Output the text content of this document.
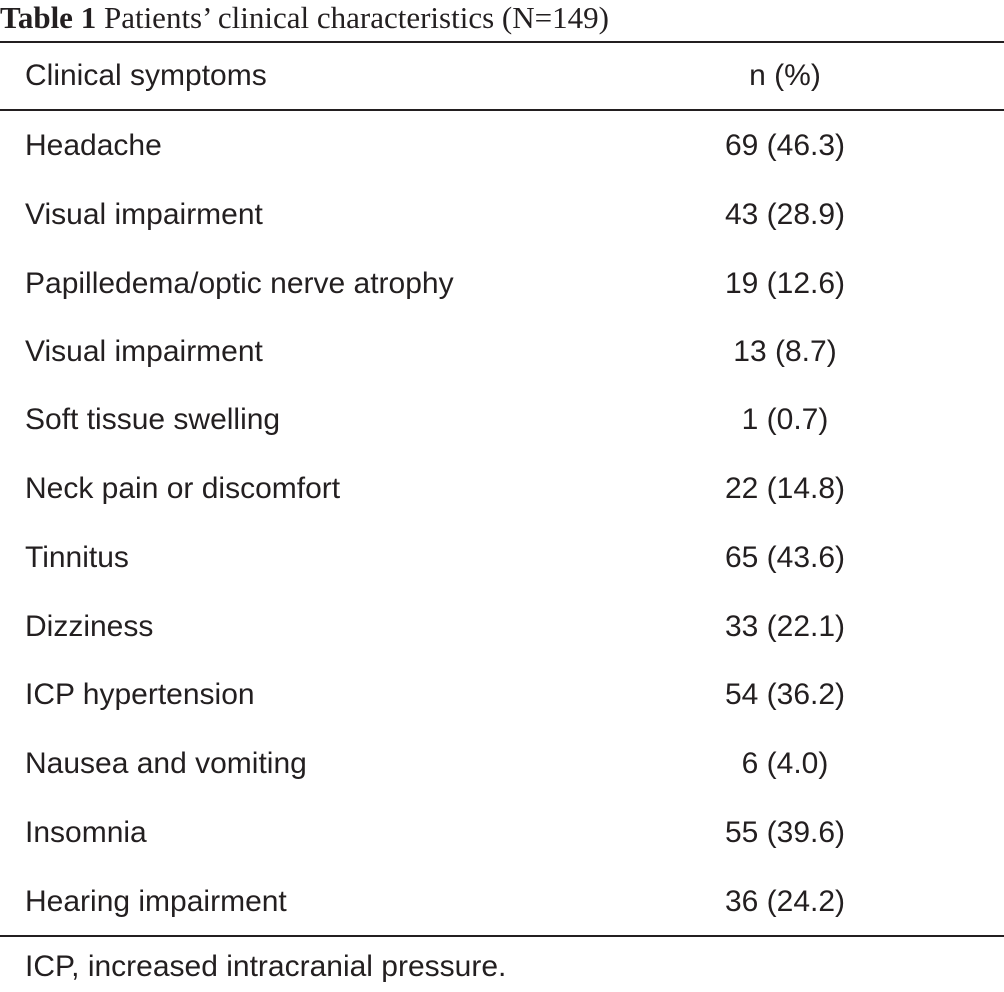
Table 1 Patients’ clinical characteristics (N=149)
Clinical symptoms	n (%)
Headache	69 (46.3)
Visual impairment	43 (28.9)
Papilledema/optic nerve atrophy	19 (12.6)
Visual impairment	13 (8.7)
Soft tissue swelling	1 (0.7)
Neck pain or discomfort	22 (14.8)
Tinnitus	65 (43.6)
Dizziness	33 (22.1)
ICP hypertension	54 (36.2)
Nausea and vomiting	6 (4.0)
Insomnia	55 (39.6)
Hearing impairment	36 (24.2)
ICP, increased intracranial pressure.
